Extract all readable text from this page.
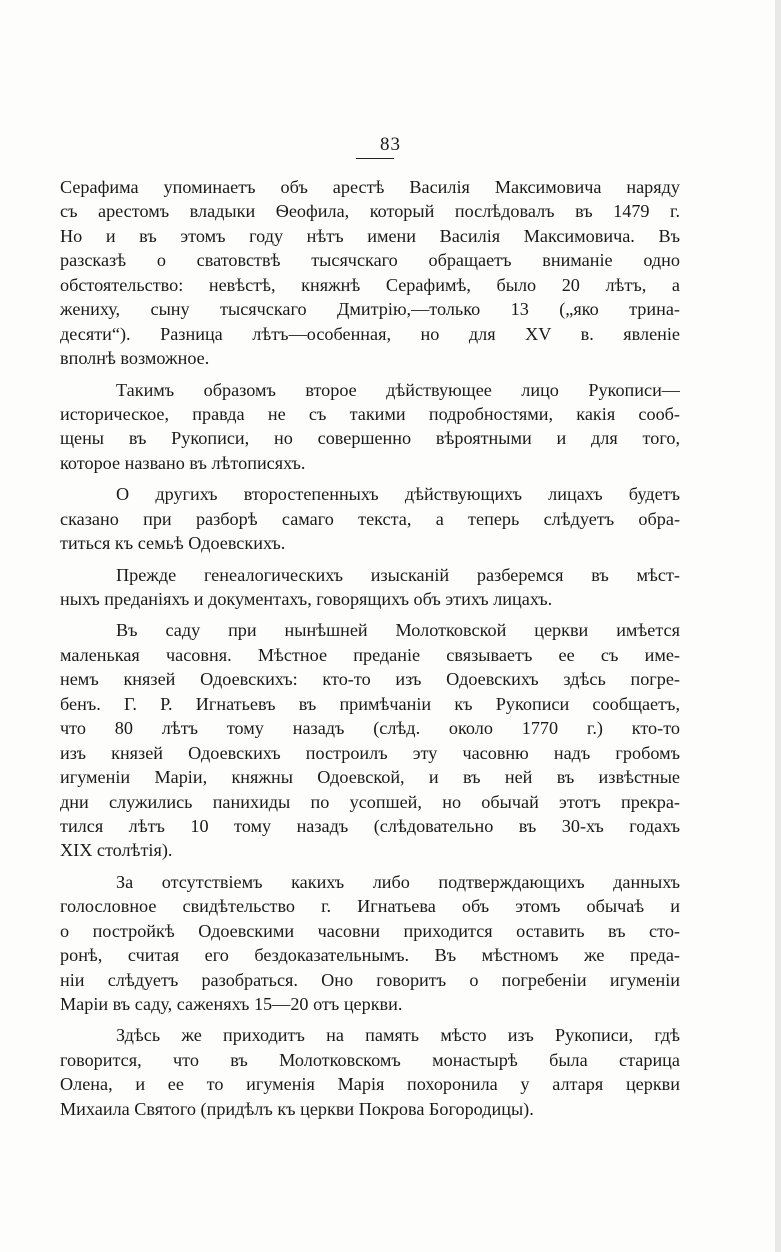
83
Серафима упоминаетъ объ арестѣ Василія Максимовича наряду
съ арестомъ владыки Ѳеофила, который послѣдовалъ въ 1479 г.
Но и въ этомъ году нѣтъ имени Василія Максимовича. Въ
разсказѣ о сватовствѣ тысячскаго обращаетъ вниманіе одно
обстоятельство: невѣстѣ, княжнѣ Серафимѣ, было 20 лѣтъ, а
жениху, сыну тысячскаго Дмитрію,—только 13 („яко трина-
десяти“). Разница лѣтъ—особенная, но для XV в. явленіе
вполнѣ возможное.
Такимъ образомъ второе дѣйствующее лицо Рукописи—
историческое, правда не съ такими подробностями, какія сооб-
щены въ Рукописи, но совершенно вѣроятными и для того,
которое названо въ лѣтописяхъ.
О другихъ второстепенныхъ дѣйствующихъ лицахъ будетъ
сказано при разборѣ самаго текста, а теперь слѣдуетъ обра-
титься къ семьѣ Одоевскихъ.
Прежде генеалогическихъ изысканій разберемся въ мѣст-
ныхъ преданіяхъ и документахъ, говорящихъ объ этихъ лицахъ.
Въ саду при нынѣшней Молотковской церкви имѣется
маленькая часовня. Мѣстное преданіе связываетъ ее съ име-
немъ князей Одоевскихъ: кто-то изъ Одоевскихъ здѣсь погре-
бенъ. Г. Р. Игнатьевъ въ примѣчаніи къ Рукописи сообщаетъ,
что 80 лѣтъ тому назадъ (слѣд. около 1770 г.) кто-то
изъ князей Одоевскихъ построилъ эту часовню надъ гробомъ
игуменіи Маріи, княжны Одоевской, и въ ней въ извѣстные
дни служились панихиды по усопшей, но обычай этотъ прекра-
тился лѣтъ 10 тому назадъ (слѣдовательно въ 30-хъ годахъ
XIX столѣтія).
За отсутствіемъ какихъ либо подтверждающихъ данныхъ
голословное свидѣтельство г. Игнатьева объ этомъ обычаѣ и
о постройкѣ Одоевскими часовни приходится оставить въ сто-
ронѣ, считая его бездоказательнымъ. Въ мѣстномъ же преда-
ніи слѣдуетъ разобраться. Оно говоритъ о погребеніи игуменіи
Маріи въ саду, саженяхъ 15—20 отъ церкви.
Здѣсь же приходитъ на память мѣсто изъ Рукописи, гдѣ
говорится, что въ Молотковскомъ монастырѣ была старица
Олена, и ее то игуменія Марія похоронила у алтаря церкви
Михаила Святого (придѣлъ къ церкви Покрова Богородицы).
